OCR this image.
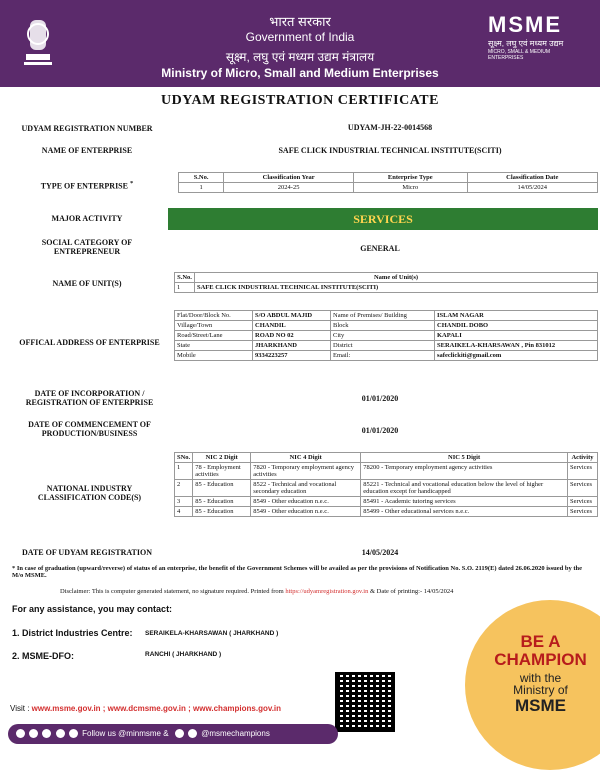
भारत सरकार
Government of India
सूक्ष्म, लघु एवं मध्यम उद्यम मंत्रालय
Ministry of Micro, Small and Medium Enterprises
MSME
सूक्ष्म, लघु एवं मध्यम उद्यम
MICRO, SMALL & MEDIUM ENTERPRISES
UDYAM REGISTRATION CERTIFICATE
UDYAM REGISTRATION NUMBER	UDYAM-JH-22-0014568
NAME OF ENTERPRISE	SAFE CLICK INDUSTRIAL TECHNICAL INSTITUTE(SCITI)
TYPE OF ENTERPRISE *
S.No.	Classification Year	Enterprise Type	Classification Date
1	2024-25	Micro	14/05/2024
MAJOR ACTIVITY	SERVICES
SOCIAL CATEGORY OF ENTREPRENEUR	GENERAL
NAME OF UNIT(S)
S.No.	Name of Unit(s)
1	SAFE CLICK INDUSTRIAL TECHNICAL INSTITUTE(SCITI)
OFFICAL ADDRESS OF ENTERPRISE
Flat/Door/Block No.	S/O ABDUL MAJID	Name of Premises/ Building	ISLAM NAGAR
Village/Town	CHANDIL	Block	CHANDIL DOBO
Road/Street/Lane	ROAD NO 02	City	KAPALI
State	JHARKHAND	District	SERAIKELA-KHARSAWAN , Pin 831012
Mobile	9334223257	Email:	safeclickiti@gmail.com
DATE OF INCORPORATION / REGISTRATION OF ENTERPRISE	01/01/2020
DATE OF COMMENCEMENT OF PRODUCTION/BUSINESS	01/01/2020
NATIONAL INDUSTRY CLASSIFICATION CODE(S)
SNo.	NIC 2 Digit	NIC 4 Digit	NIC 5 Digit	Activity
1	78 - Employment activities	7820 - Temporary employment agency activities	78200 - Temporary employment agency activities	Services
2	85 - Education	8522 - Technical and vocational secondary education	85221 - Technical and vocational education below the level of higher education except for handicapped	Services
3	85 - Education	8549 - Other education n.e.c.	85491 - Academic tutoring services	Services
4	85 - Education	8549 - Other education n.e.c.	85499 - Other educational services n.e.c.	Services
DATE OF UDYAM REGISTRATION	14/05/2024
* In case of graduation (upward/reverse) of status of an enterprise, the benefit of the Government Schemes will be availed as per the provisions of Notification No. S.O. 2119(E) dated 26.06.2020 issued by the M/o MSME.
Disclaimer: This is computer generated statement, no signature required. Printed from https://udyamregistration.gov.in & Date of printing:- 14/05/2024
For any assistance, you may contact:
1. District Industries Centre: SERAIKELA-KHARSAWAN ( JHARKHAND )
2. MSME-DFO:	RANCHI ( JHARKHAND )
BE A
CHAMPION
with the
Ministry of
MSME
Visit : www.msme.gov.in ; www.dcmsme.gov.in ; www.champions.gov.in
Follow us @minmsme &	@msmechampions
